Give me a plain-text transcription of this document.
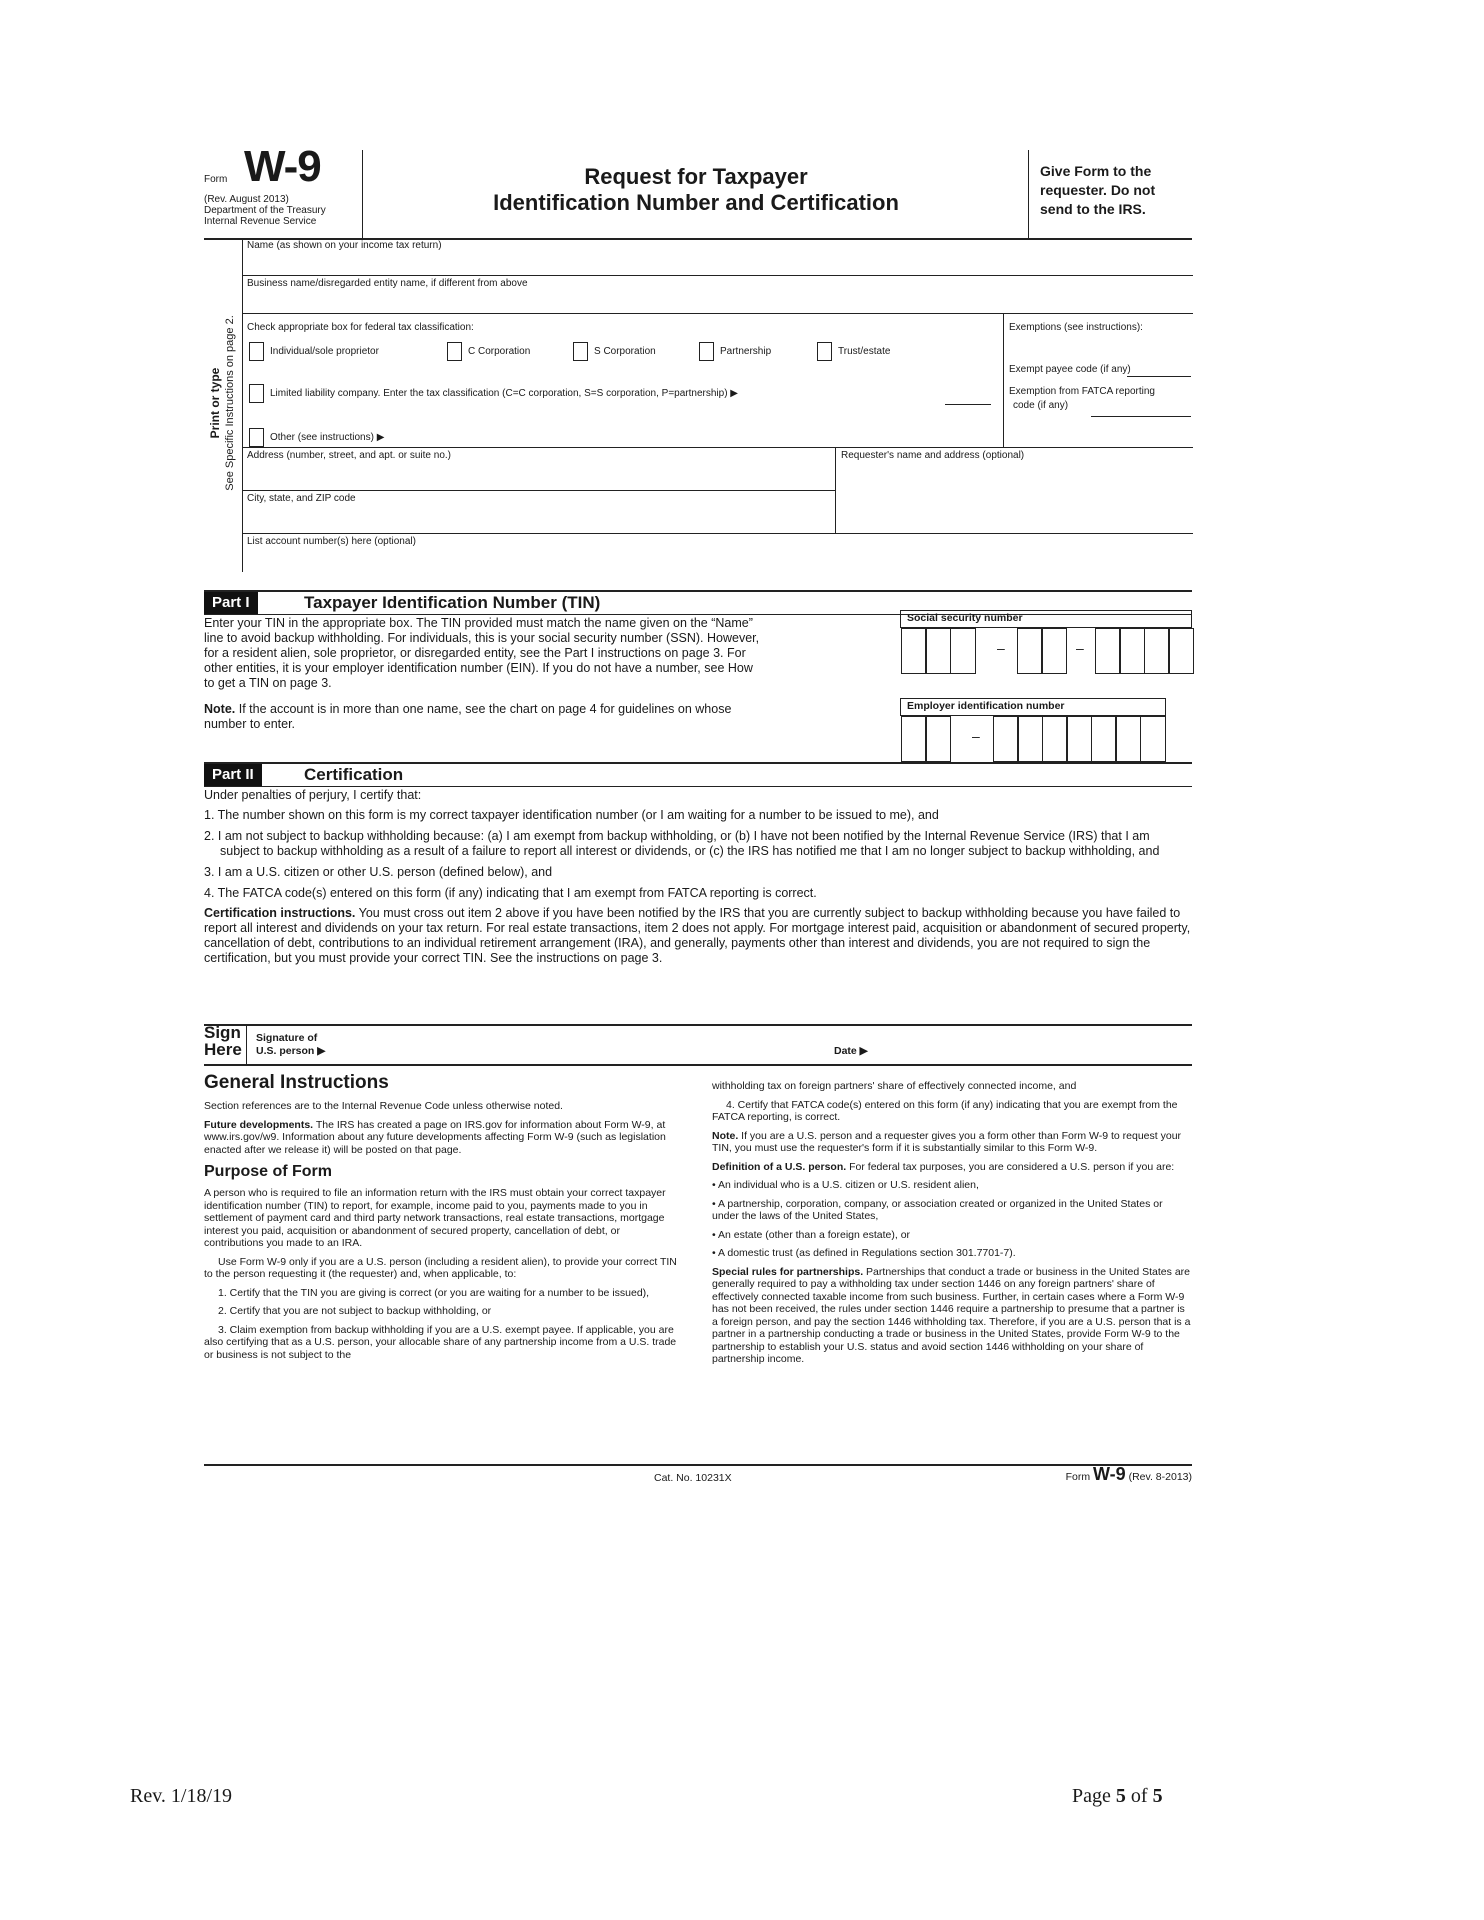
Form W-9
(Rev. August 2013)
Department of the Treasury
Internal Revenue Service
Request for Taxpayer
Identification Number and Certification
Give Form to the
requester. Do not
send to the IRS.
Print or type See Specific Instructions on page 2.
Name (as shown on your income tax return)
Business name/disregarded entity name, if different from above
Check appropriate box for federal tax classification:
Individual/sole proprietor	C Corporation	S Corporation	Partnership	Trust/estate
Limited liability company. Enter the tax classification (C=C corporation, S=S corporation, P=partnership) ▶
Other (see instructions) ▶
Exemptions (see instructions):
Exempt payee code (if any)
Exemption from FATCA reporting
code (if any)
Address (number, street, and apt. or suite no.)
City, state, and ZIP code
Requester's name and address (optional)
List account number(s) here (optional)
Part I	Taxpayer Identification Number (TIN)
Enter your TIN in the appropriate box. The TIN provided must match the name given on the “Name” line to avoid backup withholding. For individuals, this is your social security number (SSN). However, for a resident alien, sole proprietor, or disregarded entity, see the Part I instructions on page 3. For other entities, it is your employer identification number (EIN). If you do not have a number, see How to get a TIN on page 3.
Note. If the account is in more than one name, see the chart on page 4 for guidelines on whose number to enter.
Social security number
–	–
Employer identification number
–
Part II	Certification
Under penalties of perjury, I certify that:
1. The number shown on this form is my correct taxpayer identification number (or I am waiting for a number to be issued to me), and
2. I am not subject to backup withholding because: (a) I am exempt from backup withholding, or (b) I have not been notified by the Internal Revenue Service (IRS) that I am subject to backup withholding as a result of a failure to report all interest or dividends, or (c) the IRS has notified me that I am no longer subject to backup withholding, and
3. I am a U.S. citizen or other U.S. person (defined below), and
4. The FATCA code(s) entered on this form (if any) indicating that I am exempt from FATCA reporting is correct.
Certification instructions. You must cross out item 2 above if you have been notified by the IRS that you are currently subject to backup withholding because you have failed to report all interest and dividends on your tax return. For real estate transactions, item 2 does not apply. For mortgage interest paid, acquisition or abandonment of secured property, cancellation of debt, contributions to an individual retirement arrangement (IRA), and generally, payments other than interest and dividends, you are not required to sign the certification, but you must provide your correct TIN. See the instructions on page 3.
Sign
Here
Signature of
U.S. person ▶	Date ▶
General Instructions

Section references are to the Internal Revenue Code unless otherwise noted.

Future developments. The IRS has created a page on IRS.gov for information about Form W-9, at www.irs.gov/w9. Information about any future developments affecting Form W-9 (such as legislation enacted after we release it) will be posted on that page.

Purpose of Form

A person who is required to file an information return with the IRS must obtain your correct taxpayer identification number (TIN) to report, for example, income paid to you, payments made to you in settlement of payment card and third party network transactions, real estate transactions, mortgage interest you paid, acquisition or abandonment of secured property, cancellation of debt, or contributions you made to an IRA.

Use Form W-9 only if you are a U.S. person (including a resident alien), to provide your correct TIN to the person requesting it (the requester) and, when applicable, to:

1. Certify that the TIN you are giving is correct (or you are waiting for a number to be issued),

2. Certify that you are not subject to backup withholding, or

3. Claim exemption from backup withholding if you are a U.S. exempt payee. If applicable, you are also certifying that as a U.S. person, your allocable share of any partnership income from a U.S. trade or business is not subject to the

withholding tax on foreign partners' share of effectively connected income, and

4. Certify that FATCA code(s) entered on this form (if any) indicating that you are exempt from the FATCA reporting, is correct.

Note. If you are a U.S. person and a requester gives you a form other than Form W-9 to request your TIN, you must use the requester's form if it is substantially similar to this Form W-9.

Definition of a U.S. person. For federal tax purposes, you are considered a U.S. person if you are:

• An individual who is a U.S. citizen or U.S. resident alien,

• A partnership, corporation, company, or association created or organized in the United States or under the laws of the United States,

• An estate (other than a foreign estate), or

• A domestic trust (as defined in Regulations section 301.7701-7).

Special rules for partnerships. Partnerships that conduct a trade or business in the United States are generally required to pay a withholding tax under section 1446 on any foreign partners' share of effectively connected taxable income from such business. Further, in certain cases where a Form W-9 has not been received, the rules under section 1446 require a partnership to presume that a partner is a foreign person, and pay the section 1446 withholding tax. Therefore, if you are a U.S. person that is a partner in a partnership conducting a trade or business in the United States, provide Form W-9 to the partnership to establish your U.S. status and avoid section 1446 withholding on your share of partnership income.

Cat. No. 10231X	Form W-9 (Rev. 8-2013)
Rev. 1/18/19	Page 5 of 5
